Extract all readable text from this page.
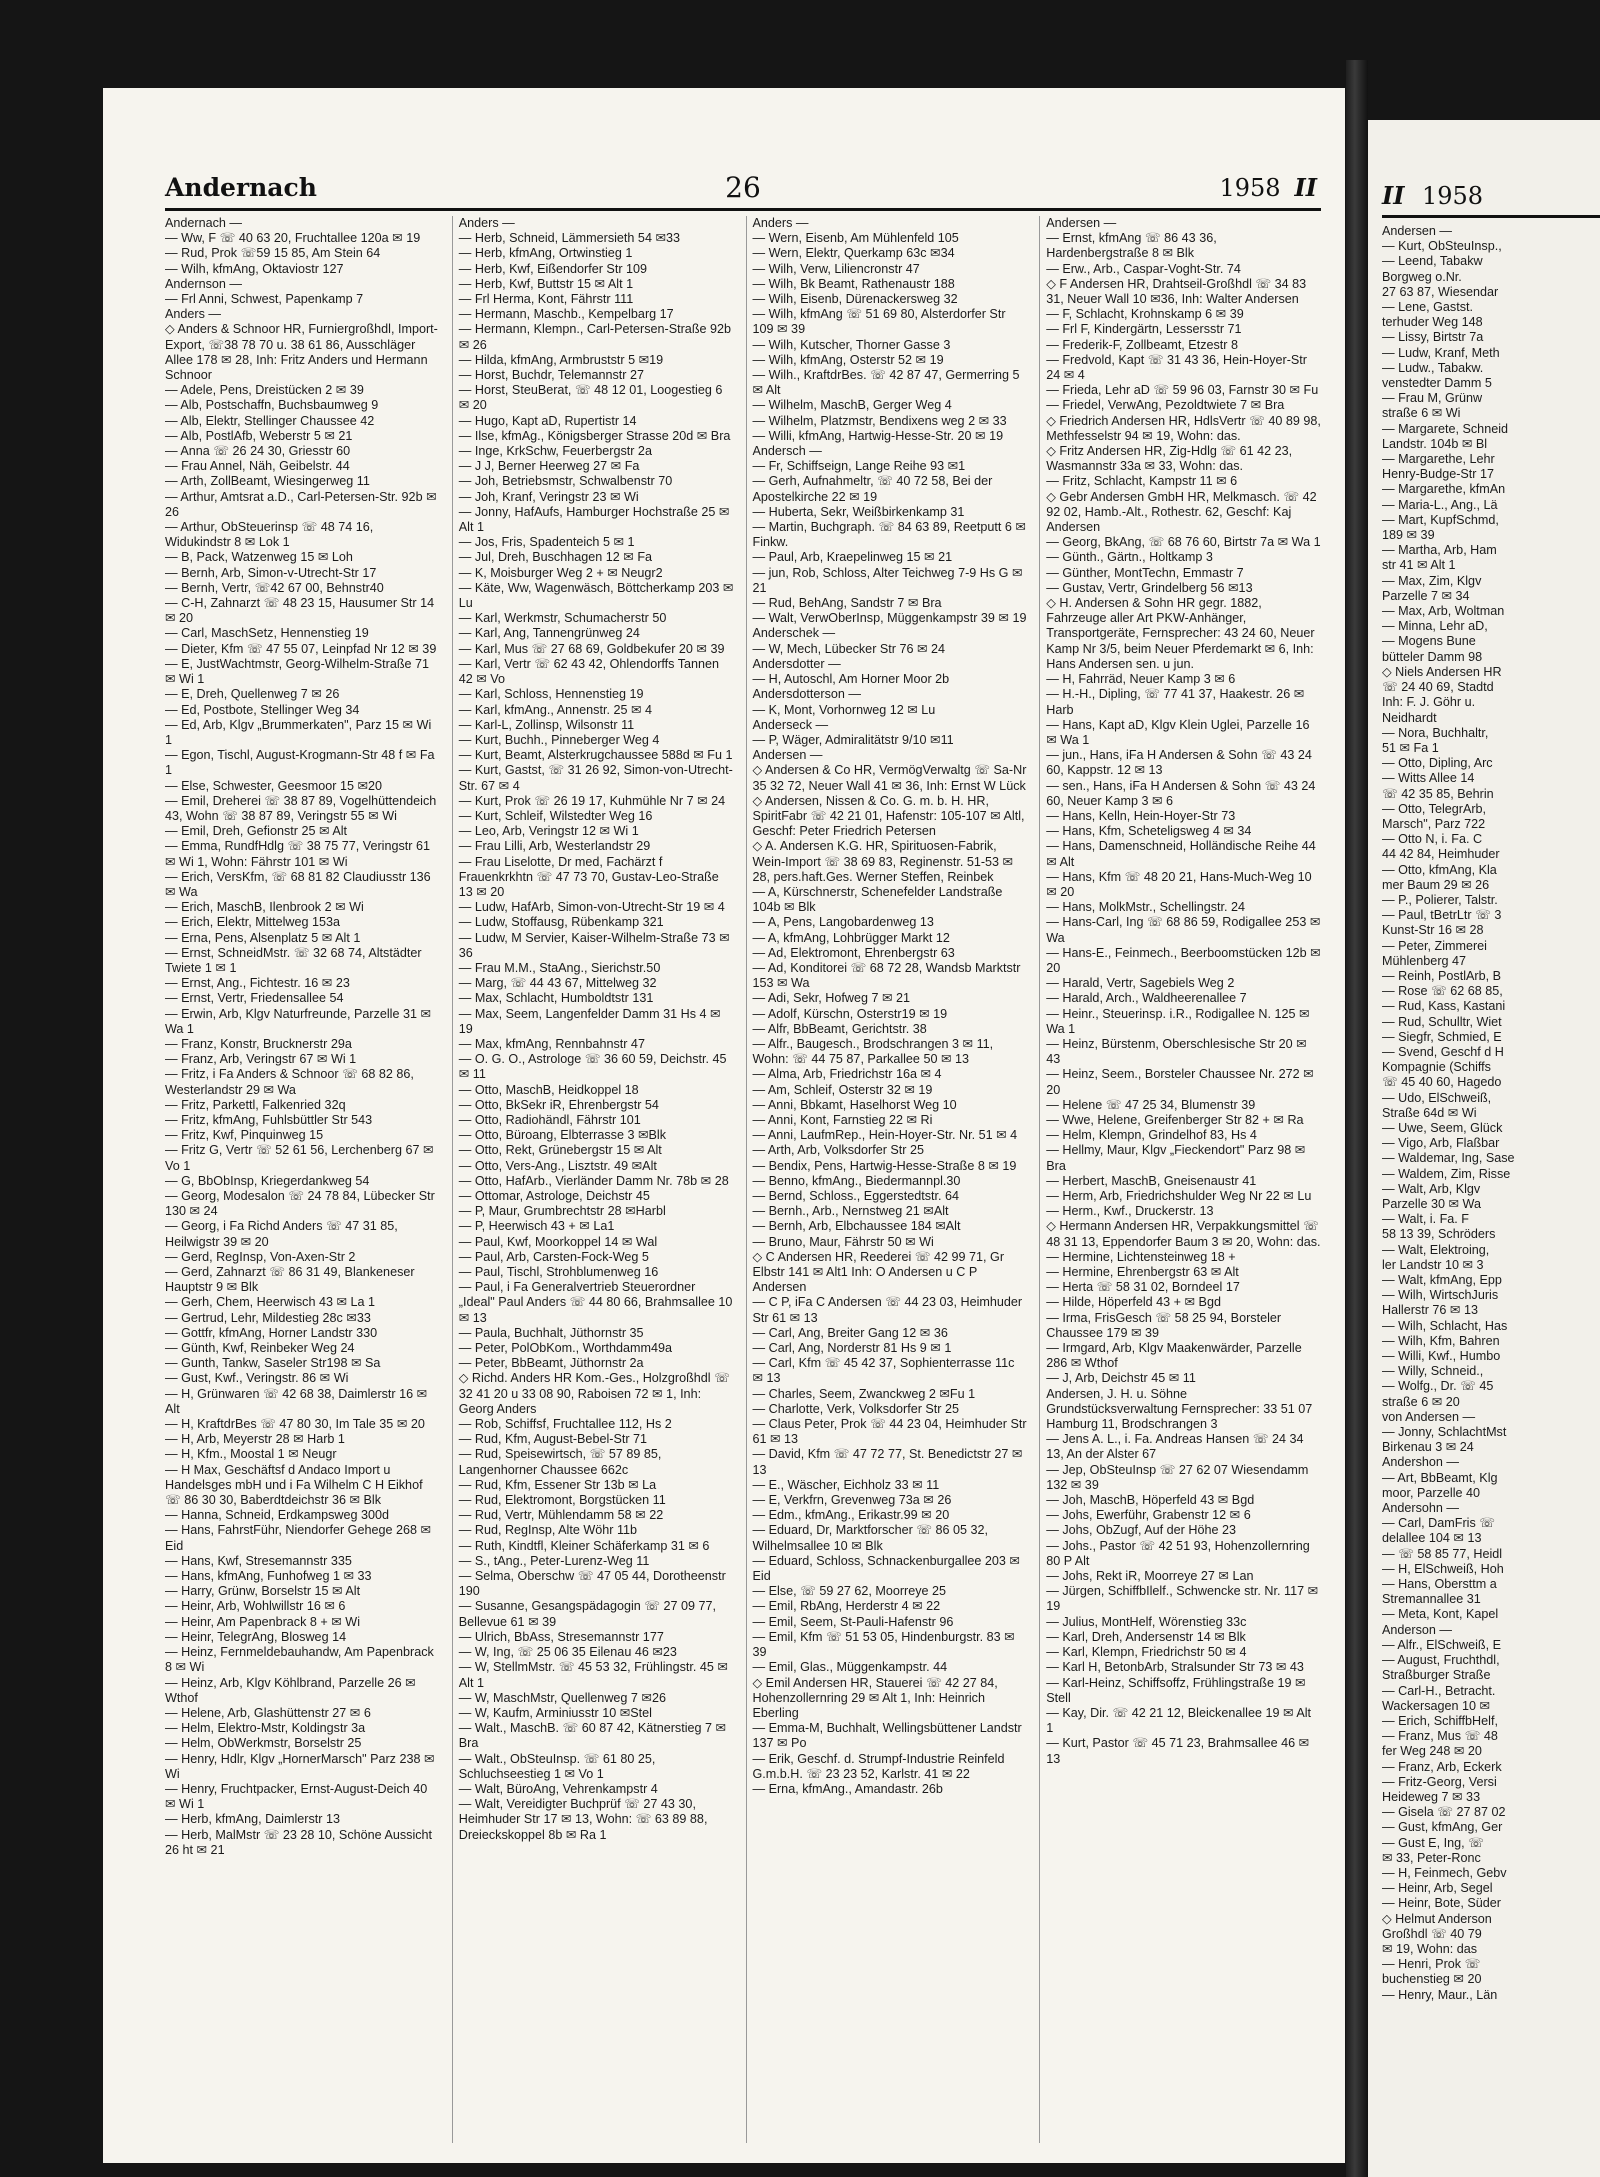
Andernach	26	1958 II

Andernach —

— Ww, F ☏ 40 63 20, Fruchtallee 120a ✉ 19

— Rud, Prok ☏59 15 85, Am Stein 64

— Wilh, kfmAng, Oktaviostr 127

Andernson —

— Frl Anni, Schwest, Papenkamp 7

Anders —

◇ Anders & Schnoor HR, Furniergroßhdl, Import-Export, ☏38 78 70 u. 38 61 86, Ausschläger Allee 178 ✉ 28, Inh: Fritz Anders und Hermann Schnoor

— Adele, Pens, Dreistücken 2 ✉ 39

— Alb, Postschaffn, Buchsbaumweg 9

— Alb, Elektr, Stellinger Chaussee 42

— Alb, PostlAfb, Weberstr 5 ✉ 21

— Anna ☏ 26 24 30, Griesstr 60

— Frau Annel, Näh, Geibelstr. 44

— Arth, ZollBeamt, Wiesingerweg 11

— Arthur, Amtsrat a.D., Carl-Petersen-Str. 92b ✉ 26

— Arthur, ObSteuerinsp ☏ 48 74 16, Widukindstr 8 ✉ Lok 1

— B, Pack, Watzenweg 15 ✉ Loh

— Bernh, Arb, Simon-v-Utrecht-Str 17

— Bernh, Vertr, ☏42 67 00, Behnstr40

— C-H, Zahnarzt ☏ 48 23 15, Hausumer Str 14 ✉ 20

— Carl, MaschSetz, Hennenstieg 19

— Dieter, Kfm ☏ 47 55 07, Leinpfad Nr 12 ✉ 39

— E, JustWachtmstr, Georg-Wilhelm-Straße 71 ✉ Wi 1

— E, Dreh, Quellenweg 7 ✉ 26

— Ed, Postbote, Stellinger Weg 34

— Ed, Arb, Klgv „Brummerkaten", Parz 15 ✉ Wi 1

— Egon, Tischl, August-Krogmann-Str 48 f ✉ Fa 1

— Else, Schwester, Geesmoor 15 ✉20

— Emil, Dreherei ☏ 38 87 89, Vogelhüttendeich 43, Wohn ☏ 38 87 89, Veringstr 55 ✉ Wi

— Emil, Dreh, Gefionstr 25 ✉ Alt

— Emma, RundfHdlg ☏ 38 75 77, Veringstr 61 ✉ Wi 1, Wohn: Fährstr 101 ✉ Wi

— Erich, VersKfm, ☏ 68 81 82 Claudiusstr 136 ✉ Wa

— Erich, MaschB, Ilenbrook 2 ✉ Wi

— Erich, Elektr, Mittelweg 153a

— Erna, Pens, Alsenplatz 5 ✉ Alt 1

— Ernst, SchneidMstr. ☏ 32 68 74, Altstädter Twiete 1 ✉ 1

— Ernst, Ang., Fichtestr. 16 ✉ 23

— Ernst, Vertr, Friedensallee 54

— Erwin, Arb, Klgv Naturfreunde, Parzelle 31 ✉ Wa 1

— Franz, Konstr, Brucknerstr 29a

— Franz, Arb, Veringstr 67 ✉ Wi 1

— Fritz, i Fa Anders & Schnoor ☏ 68 82 86, Westerlandstr 29 ✉ Wa

— Fritz, Parkettl, Falkenried 32q

— Fritz, kfmAng, Fuhlsbüttler Str 543

— Fritz, Kwf, Pinquinweg 15

— Fritz G, Vertr ☏ 52 61 56, Lerchenberg 67 ✉ Vo 1

— G, BbObInsp, Kriegerdankweg 54

— Georg, Modesalon ☏ 24 78 84, Lübecker Str 130 ✉ 24

— Georg, i Fa Richd Anders ☏ 47 31 85, Heilwigstr 39 ✉ 20

— Gerd, RegInsp, Von-Axen-Str 2

— Gerd, Zahnarzt ☏ 86 31 49, Blankeneser Hauptstr 9 ✉ Blk

— Gerh, Chem, Heerwisch 43 ✉ La 1

— Gertrud, Lehr, Mildestieg 28c ✉33

— Gottfr, kfmAng, Horner Landstr 330

— Günth, Kwf, Reinbeker Weg 24

— Gunth, Tankw, Saseler Str198 ✉ Sa

— Gust, Kwf., Veringstr. 86 ✉ Wi

— H, Grünwaren ☏ 42 68 38, Daimlerstr 16 ✉ Alt

— H, KraftdrBes ☏ 47 80 30, Im Tale 35 ✉ 20

— H, Arb, Meyerstr 28 ✉ Harb 1

— H, Kfm., Moostal 1 ✉ Neugr

— H Max, Geschäftsf d Andaco Import u Handelsges mbH und i Fa Wilhelm C H Eikhof ☏ 86 30 30, Baberdtdeichstr 36 ✉ Blk

— Hanna, Schneid, Erdkampsweg 300d

— Hans, FahrstFühr, Niendorfer Gehege 268 ✉ Eid

— Hans, Kwf, Stresemannstr 335

— Hans, kfmAng, Funhofweg 1 ✉ 33

— Harry, Grünw, Borselstr 15 ✉ Alt

— Heinr, Arb, Wohlwillstr 16 ✉ 6

— Heinr, Am Papenbrack 8 + ✉ Wi

— Heinr, TelegrAng, Blosweg 14

— Heinz, Fernmeldebauhandw, Am Papenbrack 8 ✉ Wi

— Heinz, Arb, Klgv Köhlbrand, Parzelle 26 ✉ Wthof

— Helene, Arb, Glashüttenstr 27 ✉ 6

— Helm, Elektro-Mstr, Koldingstr 3a

— Helm, ObWerkmstr, Borselstr 25

— Henry, Hdlr, Klgv „HornerMarsch" Parz 238 ✉ Wi

— Henry, Fruchtpacker, Ernst-August-Deich 40 ✉ Wi 1

— Herb, kfmAng, Daimlerstr 13

— Herb, MalMstr ☏ 23 28 10, Schöne Aussicht 26 ht ✉ 21

Anders —

— Herb, Schneid, Lämmersieth 54 ✉33

— Herb, kfmAng, Ortwinstieg 1

— Herb, Kwf, Eißendorfer Str 109

— Herb, Kwf, Buttstr 15 ✉ Alt 1

— Frl Herma, Kont, Fährstr 111

— Hermann, Maschb., Kempelbarg 17

— Hermann, Klempn., Carl-Petersen-Straße 92b ✉ 26

— Hilda, kfmAng, Armbruststr 5 ✉19

— Horst, Buchdr, Telemannstr 27

— Horst, SteuBerat, ☏ 48 12 01, Loogestieg 6 ✉ 20

— Hugo, Kapt aD, Rupertistr 14

— Ilse, kfmAg., Königsberger Strasse 20d ✉ Bra

— Inge, KrkSchw, Feuerbergstr 2a

— J J, Berner Heerweg 27 ✉ Fa

— Joh, Betriebsmstr, Schwalbenstr 70

— Joh, Kranf, Veringstr 23 ✉ Wi

— Jonny, HafAufs, Hamburger Hochstraße 25 ✉ Alt 1

— Jos, Fris, Spadenteich 5 ✉ 1

— Jul, Dreh, Buschhagen 12 ✉ Fa

— K, Moisburger Weg 2 + ✉ Neugr2

— Käte, Ww, Wagenwäsch, Böttcherkamp 203 ✉ Lu

— Karl, Werkmstr, Schumacherstr 50

— Karl, Ang, Tannengrünweg 24

— Karl, Mus ☏ 27 68 69, Goldbekufer 20 ✉ 39

— Karl, Vertr ☏ 62 43 42, Ohlendorffs Tannen 42 ✉ Vo

— Karl, Schloss, Hennenstieg 19

— Karl, kfmAng., Annenstr. 25 ✉ 4

— Karl-L, Zollinsp, Wilsonstr 11

— Kurt, Buchh., Pinneberger Weg 4

— Kurt, Beamt, Alsterkrugchaussee 588d ✉ Fu 1

— Kurt, Gastst, ☏ 31 26 92, Simon-von-Utrecht-Str. 67 ✉ 4

— Kurt, Prok ☏ 26 19 17, Kuhmühle Nr 7 ✉ 24

— Kurt, Schleif, Wilstedter Weg 16

— Leo, Arb, Veringstr 12 ✉ Wi 1

— Frau Lilli, Arb, Westerlandstr 29

— Frau Liselotte, Dr med, Fachärzt f Frauenkrkhtn ☏ 47 73 70, Gustav-Leo-Straße 13 ✉ 20

— Ludw, HafArb, Simon-von-Utrecht-Str 19 ✉ 4

— Ludw, Stoffausg, Rübenkamp 321

— Ludw, M Servier, Kaiser-Wilhelm-Straße 73 ✉ 36

— Frau M.M., StaAng., Sierichstr.50

— Marg, ☏ 44 43 67, Mittelweg 32

— Max, Schlacht, Humboldtstr 131

— Max, Seem, Langenfelder Damm 31 Hs 4 ✉ 19

— Max, kfmAng, Rennbahnstr 47

— O. G. O., Astrologe ☏ 36 60 59, Deichstr. 45 ✉ 11

— Otto, MaschB, Heidkoppel 18

— Otto, BkSekr iR, Ehrenbergstr 54

— Otto, Radiohändl, Fährstr 101

— Otto, Büroang, Elbterrasse 3 ✉Blk

— Otto, Rekt, Grünebergstr 15 ✉ Alt

— Otto, Vers-Ang., Lisztstr. 49 ✉Alt

— Otto, HafArb., Vierländer Damm Nr. 78b ✉ 28

— Ottomar, Astrologe, Deichstr 45

— P, Maur, Grumbrechtstr 28 ✉Harbl

— P, Heerwisch 43 + ✉ La1

— Paul, Kwf, Moorkoppel 14 ✉ Wal

— Paul, Arb, Carsten-Fock-Weg 5

— Paul, Tischl, Strohblumenweg 16

— Paul, i Fa Generalvertrieb Steuerordner „Ideal" Paul Anders ☏ 44 80 66, Brahmsallee 10 ✉ 13

— Paula, Buchhalt, Jüthornstr 35

— Peter, PolObKom., Worthdamm49a

— Peter, BbBeamt, Jüthornstr 2a

◇ Richd. Anders HR Kom.-Ges., Holzgroßhdl ☏ 32 41 20 u 33 08 90, Raboisen 72 ✉ 1, Inh: Georg Anders

— Rob, Schiffsf, Fruchtallee 112, Hs 2

— Rud, Kfm, August-Bebel-Str 71

— Rud, Speisewirtsch, ☏ 57 89 85, Langenhorner Chaussee 662c

— Rud, Kfm, Essener Str 13b ✉ La

— Rud, Elektromont, Borgstücken 11

— Rud, Vertr, Mühlendamm 58 ✉ 22

— Rud, RegInsp, Alte Wöhr 11b

— Ruth, Kindtfl, Kleiner Schäferkamp 31 ✉ 6

— S., tAng., Peter-Lurenz-Weg 11

— Selma, Oberschw ☏ 47 05 44, Dorotheenstr 190

— Susanne, Gesangspädagogin ☏ 27 09 77, Bellevue 61 ✉ 39

— Ulrich, BbAss, Stresemannstr 177

— W, Ing, ☏ 25 06 35 Eilenau 46 ✉23

— W, StellmMstr. ☏ 45 53 32, Frühlingstr. 45 ✉ Alt 1

— W, MaschMstr, Quellenweg 7 ✉26

— W, Kaufm, Arminiusstr 10 ✉Stel

— Walt., MaschB. ☏ 60 87 42, Kätnerstieg 7 ✉ Bra

— Walt., ObSteuInsp. ☏ 61 80 25, Schluchseestieg 1 ✉ Vo 1

— Walt, BüroAng, Vehrenkampstr 4

— Walt, Vereidigter Buchprüf ☏ 27 43 30, Heimhuder Str 17 ✉ 13, Wohn: ☏ 63 89 88, Dreieckskoppel 8b ✉ Ra 1

Anders —

— Wern, Eisenb, Am Mühlenfeld 105

— Wern, Elektr, Querkamp 63c ✉34

— Wilh, Verw, Liliencronstr 47

— Wilh, Bk Beamt, Rathenaustr 188

— Wilh, Eisenb, Dürenackersweg 32

— Wilh, kfmAng ☏ 51 69 80, Alsterdorfer Str 109 ✉ 39

— Wilh, Kutscher, Thorner Gasse 3

— Wilh, kfmAng, Osterstr 52 ✉ 19

— Wilh., KraftdrBes. ☏ 42 87 47, Germerring 5 ✉ Alt

— Wilhelm, MaschB, Gerger Weg 4

— Wilhelm, Platzmstr, Bendixens weg 2 ✉ 33

— Willi, kfmAng, Hartwig-Hesse-Str. 20 ✉ 19

Andersch —

— Fr, Schiffseign, Lange Reihe 93 ✉1

— Gerh, Aufnahmeltr, ☏ 40 72 58, Bei der Apostelkirche 22 ✉ 19

— Huberta, Sekr, Weißbirkenkamp 31

— Martin, Buchgraph. ☏ 84 63 89, Reetputt 6 ✉ Finkw.

— Paul, Arb, Kraepelinweg 15 ✉ 21

— jun, Rob, Schloss, Alter Teichweg 7-9 Hs G ✉ 21

— Rud, BehAng, Sandstr 7 ✉ Bra

— Walt, VerwOberInsp, Müggenkampstr 39 ✉ 19

Anderschek —

— W, Mech, Lübecker Str 76 ✉ 24

Andersdotter —

— H, Autoschl, Am Horner Moor 2b

Andersdotterson —

— K, Mont, Vorhornweg 12 ✉ Lu

Anderseck —

— P, Wäger, Admiralitätstr 9/10 ✉11

Andersen —

◇ Andersen & Co HR, VermögVerwaltg ☏ Sa-Nr 35 32 72, Neuer Wall 41 ✉ 36, Inh: Ernst W Lück

◇ Andersen, Nissen & Co. G. m. b. H. HR, SpiritFabr ☏ 42 21 01, Hafenstr: 105-107 ✉ Altl, Geschf: Peter Friedrich Petersen

◇ A. Andersen K.G. HR, Spirituosen-Fabrik, Wein-Import ☏ 38 69 83, Reginenstr. 51-53 ✉ 28, pers.haft.Ges. Werner Steffen, Reinbek

— A, Kürschnerstr, Schenefelder Landstraße 104b ✉ Blk

— A, Pens, Langobardenweg 13

— A, kfmAng, Lohbrügger Markt 12

— Ad, Elektromont, Ehrenbergstr 63

— Ad, Konditorei ☏ 68 72 28, Wandsb Marktstr 153 ✉ Wa

— Adi, Sekr, Hofweg 7 ✉ 21

— Adolf, Kürschn, Osterstr19 ✉ 19

— Alfr, BbBeamt, Gerichtstr. 38

— Alfr., Baugesch., Brodschrangen 3 ✉ 11, Wohn: ☏ 44 75 87, Parkallee 50 ✉ 13

— Alma, Arb, Friedrichstr 16a ✉ 4

— Am, Schleif, Osterstr 32 ✉ 19

— Anni, Bbkamt, Haselhorst Weg 10

— Anni, Kont, Farnstieg 22 ✉ Ri

— Anni, LaufmRep., Hein-Hoyer-Str. Nr. 51 ✉ 4

— Arth, Arb, Volksdorfer Str 25

— Bendix, Pens, Hartwig-Hesse-Straße 8 ✉ 19

— Benno, kfmAng., Biedermannpl.30

— Bernd, Schloss., Eggerstedtstr. 64

— Bernh., Arb., Nernstweg 21 ✉Alt

— Bernh, Arb, Elbchaussee 184 ✉Alt

— Bruno, Maur, Fährstr 50 ✉ Wi

◇ C Andersen HR, Reederei ☏ 42 99 71, Gr Elbstr 141 ✉ Alt1 Inh: O Andersen u C P Andersen

— C P, iFa C Andersen ☏ 44 23 03, Heimhuder Str 61 ✉ 13

— Carl, Ang, Breiter Gang 12 ✉ 36

— Carl, Ang, Norderstr 81 Hs 9 ✉ 1

— Carl, Kfm ☏ 45 42 37, Sophienterrasse 11c ✉ 13

— Charles, Seem, Zwanckweg 2 ✉Fu 1

— Charlotte, Verk, Volksdorfer Str 25

— Claus Peter, Prok ☏ 44 23 04, Heimhuder Str 61 ✉ 13

— David, Kfm ☏ 47 72 77, St. Benedictstr 27 ✉ 13

— E., Wäscher, Eichholz 33 ✉ 11

— E, Verkfrn, Grevenweg 73a ✉ 26

— Edm., kfmAng., Erikastr.99 ✉ 20

— Eduard, Dr, Marktforscher ☏ 86 05 32, Wilhelmsallee 10 ✉ Blk

— Eduard, Schloss, Schnackenburgallee 203 ✉ Eid

— Else, ☏ 59 27 62, Moorreye 25

— Emil, RbAng, Herderstr 4 ✉ 22

— Emil, Seem, St-Pauli-Hafenstr 96

— Emil, Kfm ☏ 51 53 05, Hindenburgstr. 83 ✉ 39

— Emil, Glas., Müggenkampstr. 44

◇ Emil Andersen HR, Stauerei ☏ 42 27 84, Hohenzollernring 29 ✉ Alt 1, Inh: Heinrich Eberling

— Emma-M, Buchhalt, Wellingsbüttener Landstr 137 ✉ Po

— Erik, Geschf. d. Strumpf-Industrie Reinfeld G.m.b.H. ☏ 23 23 52, Karlstr. 41 ✉ 22

— Erna, kfmAng., Amandastr. 26b

Andersen —

— Ernst, kfmAng ☏ 86 43 36, Hardenbergstraße 8 ✉ Blk

— Erw., Arb., Caspar-Voght-Str. 74

◇ F Andersen HR, Drahtseil-Großhdl ☏ 34 83 31, Neuer Wall 10 ✉36, Inh: Walter Andersen

— F, Schlacht, Krohnskamp 6 ✉ 39

— Frl F, Kindergärtn, Lessersstr 71

— Frederik-F, Zollbeamt, Etzestr 8

— Fredvold, Kapt ☏ 31 43 36, Hein-Hoyer-Str 24 ✉ 4

— Frieda, Lehr aD ☏ 59 96 03, Farnstr 30 ✉ Fu

— Friedel, VerwAng, Pezoldtwiete 7 ✉ Bra

◇ Friedrich Andersen HR, HdlsVertr ☏ 40 89 98, Methfesselstr 94 ✉ 19, Wohn: das.

◇ Fritz Andersen HR, Zig-Hdlg ☏ 61 42 23, Wasmannstr 33a ✉ 33, Wohn: das.

— Fritz, Schlacht, Kampstr 11 ✉ 6

◇ Gebr Andersen GmbH HR, Melkmasch. ☏ 42 92 02, Hamb.-Alt., Rothestr. 62, Geschf: Kaj Andersen

— Georg, BkAng, ☏ 68 76 60, Birtstr 7a ✉ Wa 1

— Günth., Gärtn., Holtkamp 3

— Günther, MontTechn, Emmastr 7

— Gustav, Vertr, Grindelberg 56 ✉13

◇ H. Andersen & Sohn HR gegr. 1882, Fahrzeuge aller Art PKW-Anhänger, Transportgeräte, Fernsprecher: 43 24 60, Neuer Kamp Nr 3/5, beim Neuer Pferdemarkt ✉ 6, Inh: Hans Andersen sen. u jun.

— H, Fahrräd, Neuer Kamp 3 ✉ 6

— H.-H., Dipling, ☏ 77 41 37, Haakestr. 26 ✉ Harb

— Hans, Kapt aD, Klgv Klein Uglei, Parzelle 16 ✉ Wa 1

— jun., Hans, iFa H Andersen & Sohn ☏ 43 24 60, Kappstr. 12 ✉ 13

— sen., Hans, iFa H Andersen & Sohn ☏ 43 24 60, Neuer Kamp 3 ✉ 6

— Hans, Kelln, Hein-Hoyer-Str 73

— Hans, Kfm, Scheteligsweg 4 ✉ 34

— Hans, Damenschneid, Holländische Reihe 44 ✉ Alt

— Hans, Kfm ☏ 48 20 21, Hans-Much-Weg 10 ✉ 20

— Hans, MolkMstr., Schellingstr. 24

— Hans-Carl, Ing ☏ 68 86 59, Rodigallee 253 ✉ Wa

— Hans-E., Feinmech., Beerboomstücken 12b ✉ 20

— Harald, Vertr, Sagebiels Weg 2

— Harald, Arch., Waldheerenallee 7

— Heinr., Steuerinsp. i.R., Rodigallee N. 125 ✉ Wa 1

— Heinz, Bürstenm, Oberschlesische Str 20 ✉ 43

— Heinz, Seem., Borsteler Chaussee Nr. 272 ✉ 20

— Helene ☏ 47 25 34, Blumenstr 39

— Wwe, Helene, Greifenberger Str 82 + ✉ Ra

— Helm, Klempn, Grindelhof 83, Hs 4

— Hellmy, Maur, Klgv „Fieckendort" Parz 98 ✉ Bra

— Herbert, MaschB, Gneisenaustr 41

— Herm, Arb, Friedrichshulder Weg Nr 22 ✉ Lu

— Herm., Kwf., Druckerstr. 13

◇ Hermann Andersen HR, Verpakkungsmittel ☏ 48 31 13, Eppendorfer Baum 3 ✉ 20, Wohn: das.

— Hermine, Lichtensteinweg 18 +

— Hermine, Ehrenbergstr 63 ✉ Alt

— Herta ☏ 58 31 02, Borndeel 17

— Hilde, Höperfeld 43 + ✉ Bgd

— Irma, FrisGesch ☏ 58 25 94, Borsteler Chaussee 179 ✉ 39

— Irmgard, Arb, Klgv Maakenwärder, Parzelle 286 ✉ Wthof

— J, Arb, Deichstr 45 ✉ 11

Andersen, J. H. u. Söhne Grundstücksverwaltung Fernsprecher: 33 51 07 Hamburg 11, Brodschrangen 3

— Jens A. L., i. Fa. Andreas Hansen ☏ 24 34 13, An der Alster 67

— Jep, ObSteuInsp ☏ 27 62 07 Wiesendamm 132 ✉ 39

— Joh, MaschB, Höperfeld 43 ✉ Bgd

— Johs, Ewerführ, Grabenstr 12 ✉ 6

— Johs, ObZugf, Auf der Höhe 23

— Johs., Pastor ☏ 42 51 93, Hohenzollernring 80 P Alt

— Johs, Rekt iR, Moorreye 27 ✉ Lan

— Jürgen, SchiffbIlelf., Schwencke str. Nr. 117 ✉ 19

— Julius, MontHelf, Wörenstieg 33c

— Karl, Dreh, Andersenstr 14 ✉ Blk

— Karl, Klempn, Friedrichstr 50 ✉ 4

— Karl H, BetonbArb, Stralsunder Str 73 ✉ 43

— Karl-Heinz, Schiffsoffz, Frühlingstraße 19 ✉ Stell

— Kay, Dir. ☏ 42 21 12, Bleickenallee 19 ✉ Alt 1

— Kurt, Pastor ☏ 45 71 23, Brahmsallee 46 ✉ 13

II 1958

Andersen —

— Kurt, ObSteuInsp.,

— Leend, Tabakw

Borgweg o.Nr.

27 63 87, Wiesendar

— Lene, Gastst.

terhuder Weg 148

— Lissy, Birtstr 7a

— Ludw, Kranf, Meth

— Ludw., Tabakw.

venstedter Damm 5

— Frau M, Grünw

straße 6 ✉ Wi

— Margarete, Schneid

Landstr. 104b ✉ Bl

— Margarethe, Lehr

Henry-Budge-Str 17

— Margarethe, kfmAn

— Maria-L., Ang., Lä

— Mart, KupfSchmd,

189 ✉ 39

— Martha, Arb, Ham

str 41 ✉ Alt 1

— Max, Zim, Klgv

Parzelle 7 ✉ 34

— Max, Arb, Woltman

— Minna, Lehr aD,

— Mogens Bune

bütteler Damm 98

◇ Niels Andersen HR

☏ 24 40 69, Stadtd

Inh: F. J. Göhr u.

Neidhardt

— Nora, Buchhaltr,

51 ✉ Fa 1

— Otto, Dipling, Arc

— Witts Allee 14

☏ 42 35 85, Behrin

— Otto, TelegrArb,

Marsch", Parz 722

— Otto N, i. Fa. C

44 42 84, Heimhuder

— Otto, kfmAng, Kla

mer Baum 29 ✉ 26

— P., Polierer, Talstr.

— Paul, tBetrLtr ☏ 3

Kunst-Str 16 ✉ 28

— Peter, Zimmerei

Mühlenberg 47

— Reinh, PostlArb, B

— Rose ☏ 62 68 85,

— Rud, Kass, Kastani

— Rud, Schulltr, Wiet

— Siegfr, Schmied, E

— Svend, Geschf d H

Kompagnie (Schiffs

☏ 45 40 60, Hagedo

— Udo, ElSchweiß,

Straße 64d ✉ Wi

— Uwe, Seem, Glück

— Vigo, Arb, Flaßbar

— Waldemar, Ing, Sase

— Waldem, Zim, Risse

— Walt, Arb, Klgv

Parzelle 30 ✉ Wa

— Walt, i. Fa. F

58 13 39, Schröders

— Walt, Elektroing,

ler Landstr 10 ✉ 3

— Walt, kfmAng, Epp

— Wilh, WirtschJuris

Hallerstr 76 ✉ 13

— Wilh, Schlacht, Has

— Wilh, Kfm, Bahren

— Willi, Kwf., Humbo

— Willy, Schneid.,

— Wolfg., Dr. ☏ 45

straße 6 ✉ 20

von Andersen —

— Jonny, SchlachtMst

Birkenau 3 ✉ 24

Andershon —

— Art, BbBeamt, Klg

moor, Parzelle 40

Andersohn —

— Carl, DamFris ☏

delallee 104 ✉ 13

— ☏ 58 85 77, Heidl

— H, ElSchweiß, Hoh

— Hans, Obersttm a

Stremannallee 31

— Meta, Kont, Kapel

Anderson —

— Alfr., ElSchweiß, E

— August, Fruchthdl,

Straßburger Straße

— Carl-H., Betracht.

Wackersagen 10 ✉

— Erich, SchiffbHelf,

— Franz, Mus ☏ 48

fer Weg 248 ✉ 20

— Franz, Arb, Eckerk

— Fritz-Georg, Versi

Heideweg 7 ✉ 33

— Gisela ☏ 27 87 02

— Gust, kfmAng, Ger

— Gust E, Ing, ☏

✉ 33, Peter-Ronc

— H, Feinmech, Gebv

— Heinr, Arb, Segel

— Heinr, Bote, Süder

◇ Helmut Anderson

Großhdl ☏ 40 79

✉ 19, Wohn: das

— Henri, Prok ☏

buchenstieg ✉ 20

— Henry, Maur., Län
